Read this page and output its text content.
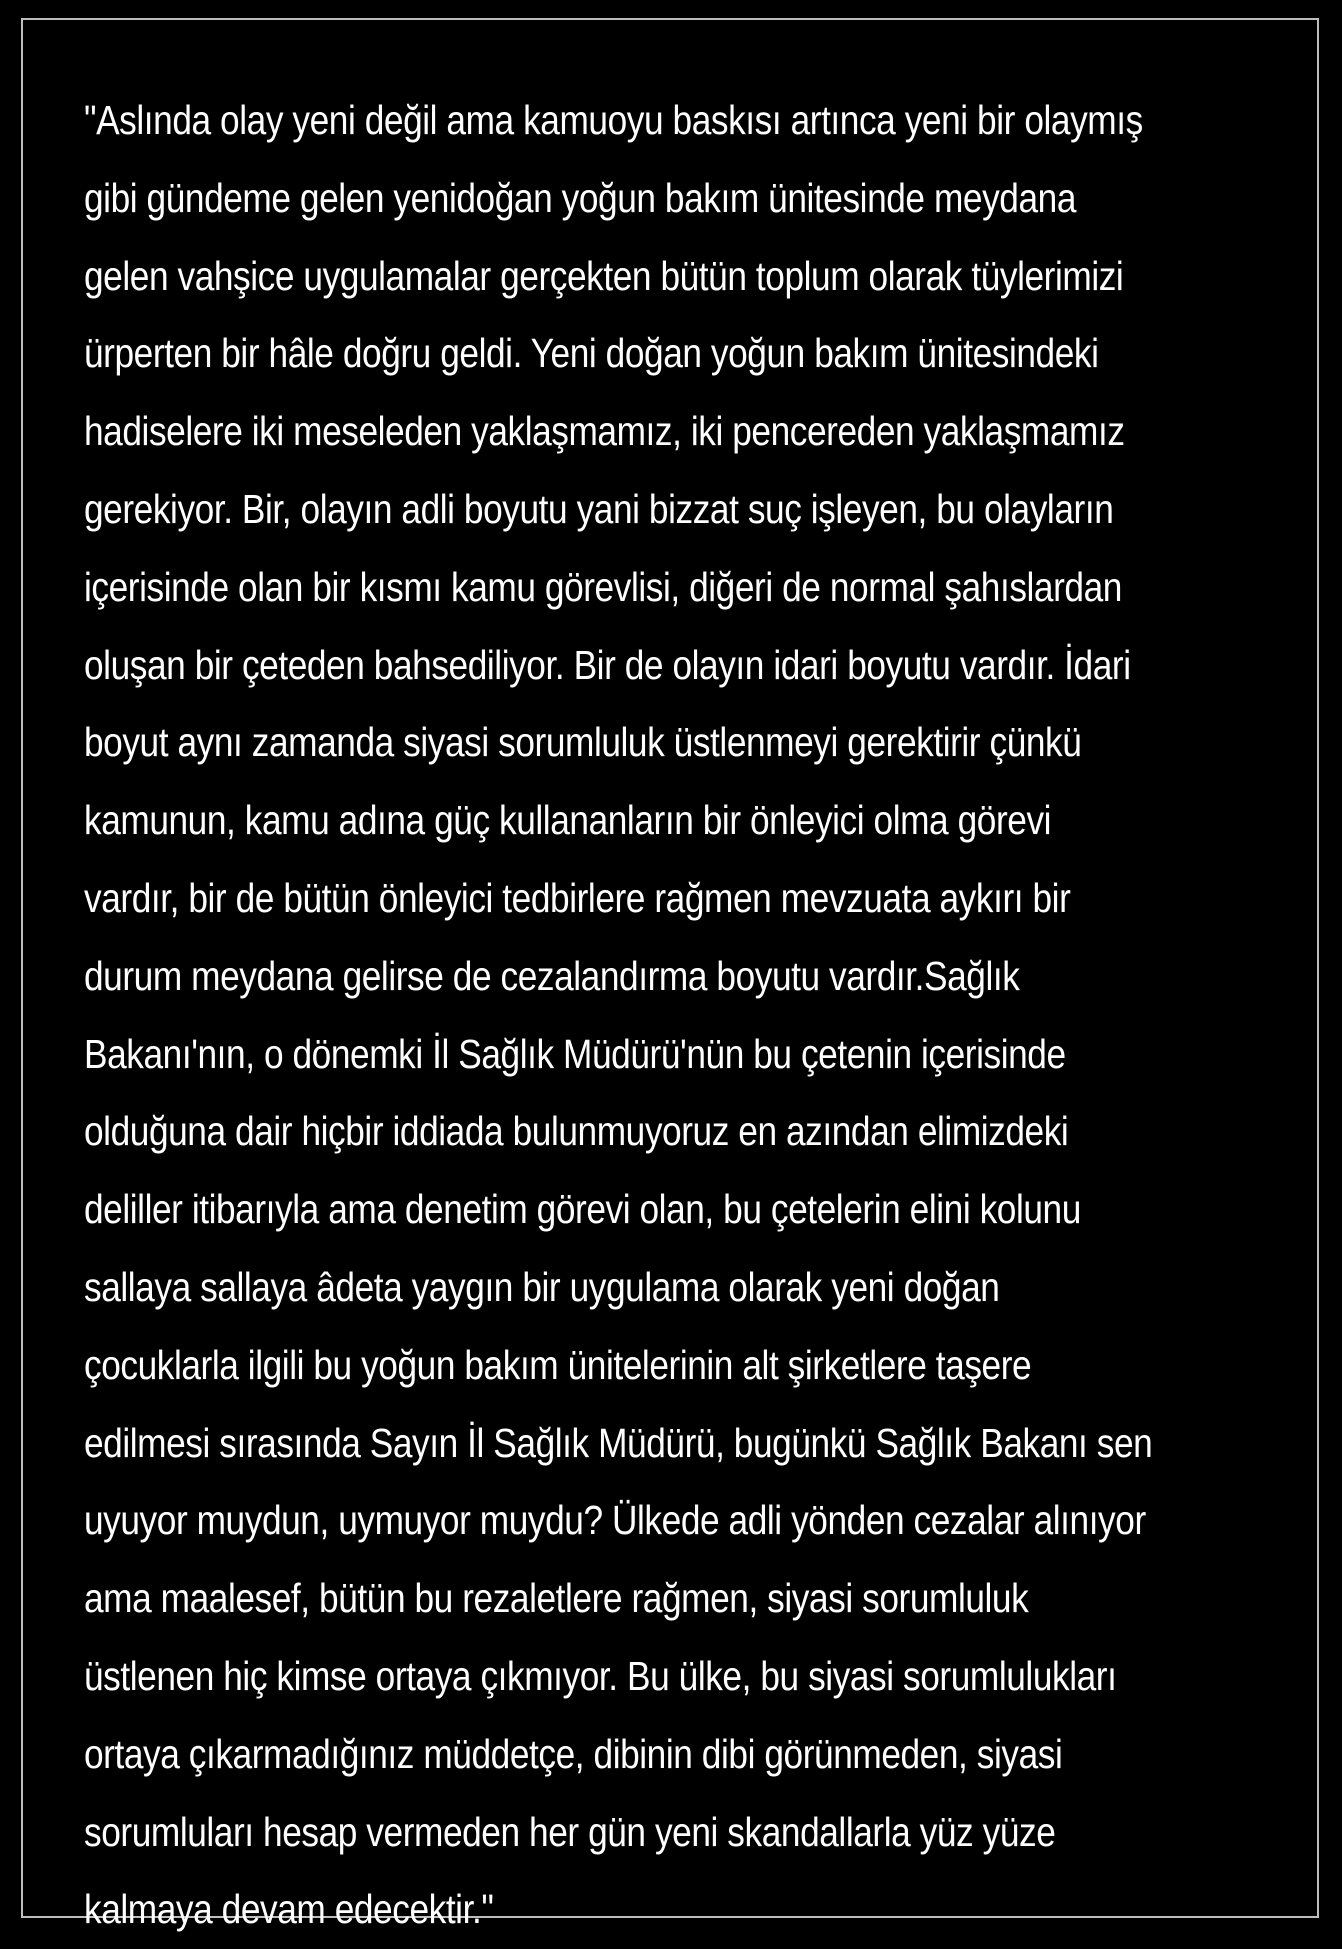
"Aslında olay yeni değil ama kamuoyu baskısı artınca yeni bir olaymış
gibi gündeme gelen yenidoğan yoğun bakım ünitesinde meydana
gelen vahşice uygulamalar gerçekten bütün toplum olarak tüylerimizi
ürperten bir hâle doğru geldi. Yeni doğan yoğun bakım ünitesindeki
hadiselere iki meseleden yaklaşmamız, iki pencereden yaklaşmamız
gerekiyor. Bir, olayın adli boyutu yani bizzat suç işleyen, bu olayların
içerisinde olan bir kısmı kamu görevlisi, diğeri de normal şahıslardan
oluşan bir çeteden bahsediliyor. Bir de olayın idari boyutu vardır. İdari
boyut aynı zamanda siyasi sorumluluk üstlenmeyi gerektirir çünkü
kamunun, kamu adına güç kullananların bir önleyici olma görevi
vardır, bir de bütün önleyici tedbirlere rağmen mevzuata aykırı bir
durum meydana gelirse de cezalandırma boyutu vardır.Sağlık
Bakanı'nın, o dönemki İl Sağlık Müdürü'nün bu çetenin içerisinde
olduğuna dair hiçbir iddiada bulunmuyoruz en azından elimizdeki
deliller itibarıyla ama denetim görevi olan, bu çetelerin elini kolunu
sallaya sallaya âdeta yaygın bir uygulama olarak yeni doğan
çocuklarla ilgili bu yoğun bakım ünitelerinin alt şirketlere taşere
edilmesi sırasında Sayın İl Sağlık Müdürü, bugünkü Sağlık Bakanı sen
uyuyor muydun, uymuyor muydu? Ülkede adli yönden cezalar alınıyor
ama maalesef, bütün bu rezaletlere rağmen, siyasi sorumluluk
üstlenen hiç kimse ortaya çıkmıyor. Bu ülke, bu siyasi sorumlulukları
ortaya çıkarmadığınız müddetçe, dibinin dibi görünmeden, siyasi
sorumluları hesap vermeden her gün yeni skandallarla yüz yüze
kalmaya devam edecektir."
